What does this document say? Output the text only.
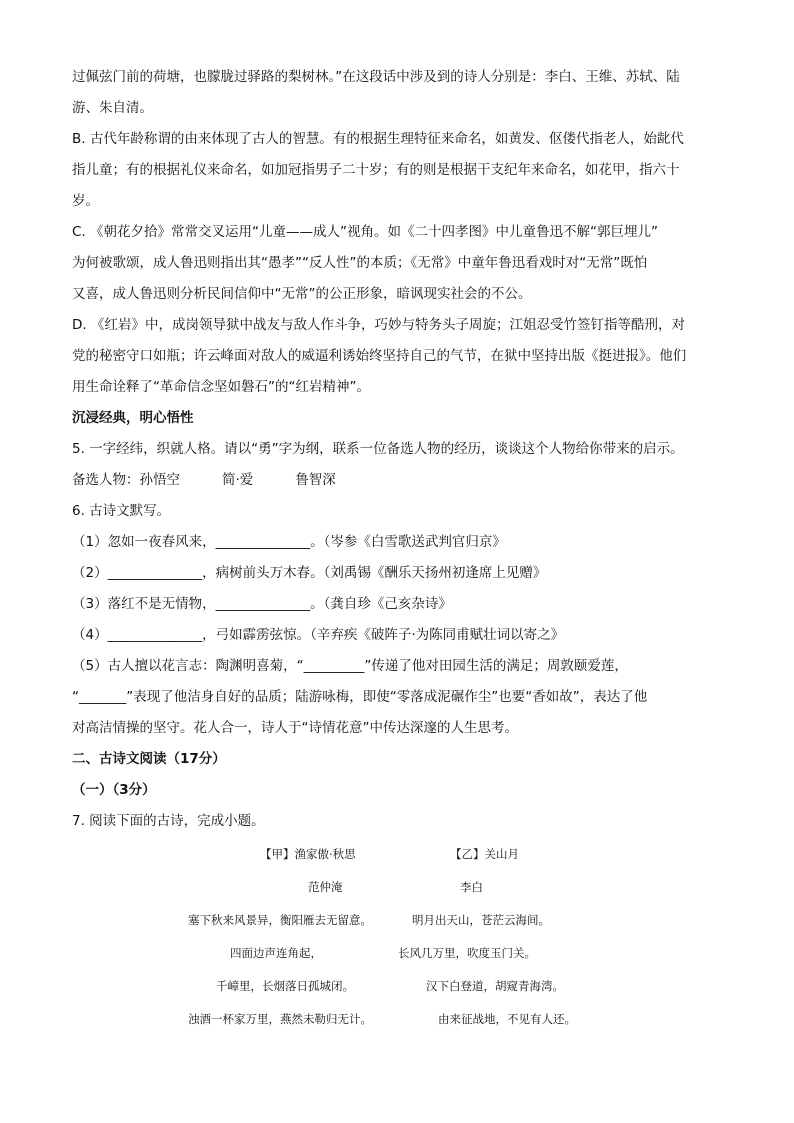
过佩弦门前的荷塘，也朦胧过驿路的梨树林。”在这段话中涉及到的诗人分别是：李白、王维、苏轼、陆

游、朱自清。

B. 古代年龄称谓的由来体现了古人的智慧。有的根据生理特征来命名，如黄发、伛偻代指老人，始龀代

指儿童；有的根据礼仪来命名，如加冠指男子二十岁；有的则是根据干支纪年来命名，如花甲，指六十

岁。

C. 《朝花夕拾》常常交叉运用“儿童——成人”视角。如《二十四孝图》中儿童鲁迅不解“郭巨埋儿”

为何被歌颂，成人鲁迅则指出其“愚孝”“反人性”的本质；《无常》中童年鲁迅看戏时对“无常”既怕

又喜，成人鲁迅则分析民间信仰中“无常”的公正形象，暗讽现实社会的不公。

D. 《红岩》中，成岗领导狱中战友与敌人作斗争，巧妙与特务头子周旋；江姐忍受竹签钉指等酷刑，对

党的秘密守口如瓶；许云峰面对敌人的威逼利诱始终坚持自己的气节，在狱中坚持出版《挺进报》。他们

用生命诠释了“革命信念坚如磐石”的“红岩精神”。

沉浸经典，明心悟性

5. 一字经纬，织就人格。请以“勇”字为纲，联系一位备选人物的经历，谈谈这个人物给你带来的启示。

备选人物：孙悟空	简·爱	鲁智深

6. 古诗文默写。

（1）忽如一夜春风来，______________。（岑参《白雪歌送武判官归京》

（2）______________，病树前头万木春。（刘禹锡《酬乐天扬州初逢席上见赠》

（3）落红不是无情物，______________。（龚自珍《己亥杂诗》

（4）______________，弓如霹雳弦惊。（辛弃疾《破阵子·为陈同甫赋壮词以寄之》

（5）古人擅以花言志：陶渊明喜菊，“_________”传递了他对田园生活的满足；周敦颐爱莲，

“_______”表现了他洁身自好的品质；陆游咏梅，即使“零落成泥碾作尘”也要“香如故”，表达了他

对高洁情操的坚守。花人合一，诗人于“诗情花意”中传达深邃的人生思考。

二、古诗文阅读（17分）

（一）（3分）

7. 阅读下面的古诗，完成小题。

【甲】渔家傲·秋思	【乙】关山月
范仲淹	李白
塞下秋来风景异，衡阳雁去无留意。	明月出天山，苍茫云海间。
四面边声连角起，	长风几万里，吹度玉门关。
千嶂里，长烟落日孤城闭。	汉下白登道，胡窥青海湾。
浊酒一杯家万里，燕然未勒归无计。	由来征战地，不见有人还。
